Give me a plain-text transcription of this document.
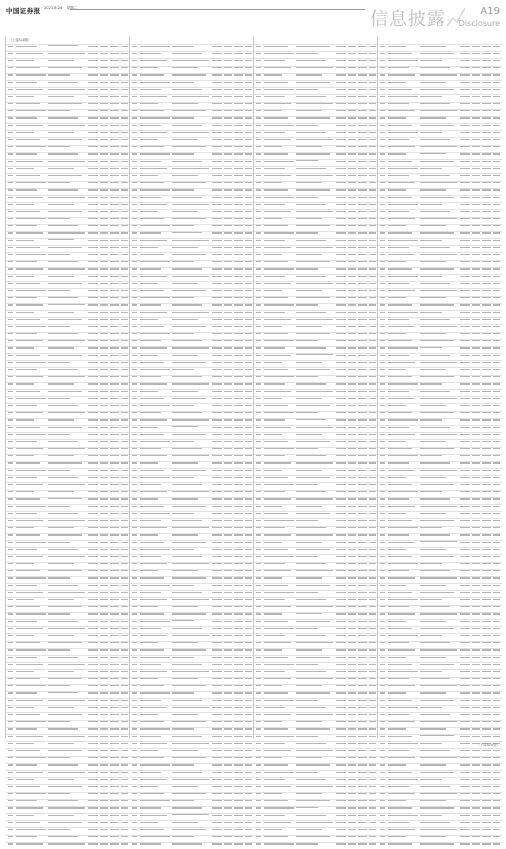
中国证券报 2021.8.24 星期二
信息披露	A19
Disclosure
（上接A18版）
（下转A20版）
